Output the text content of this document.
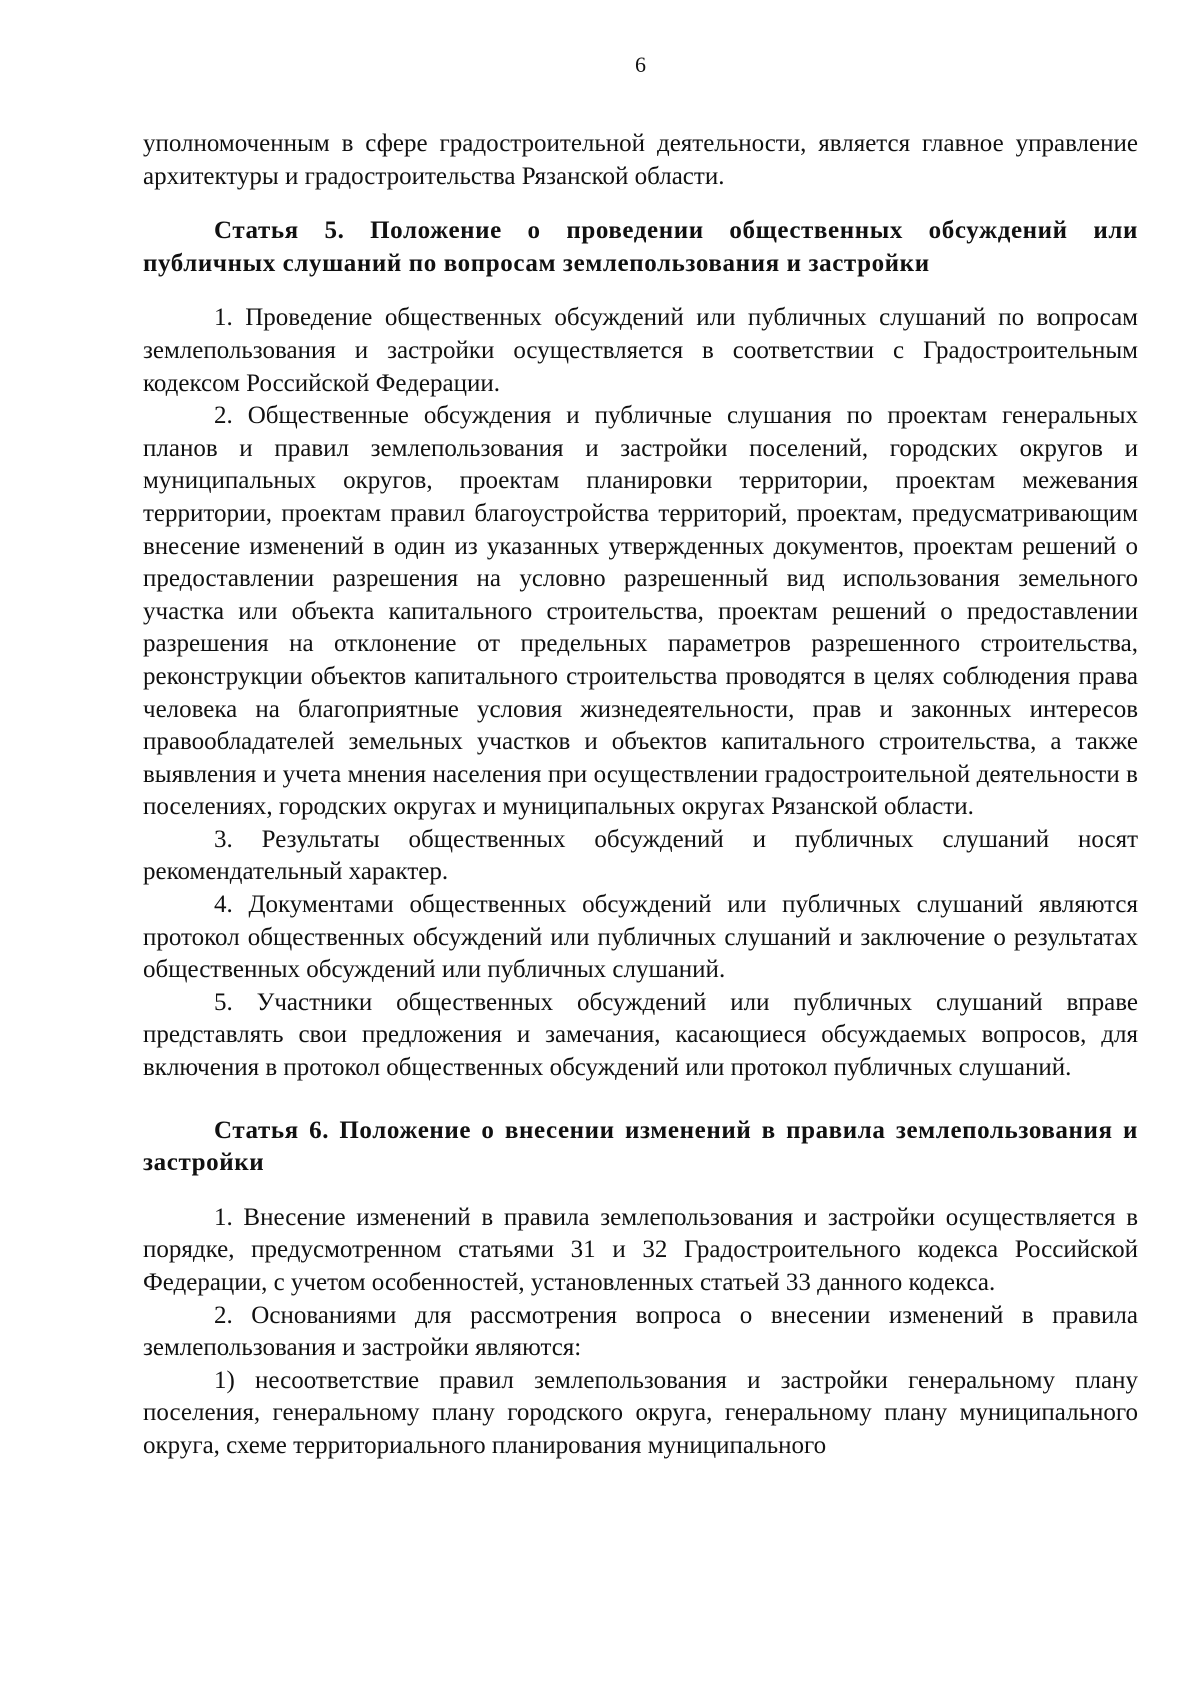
6

уполномоченным в сфере градостроительной деятельности, является главное управление архитектуры и градостроительства Рязанской области.

Статья 5. Положение о проведении общественных обсуждений или публичных слушаний по вопросам землепользования и застройки

1. Проведение общественных обсуждений или публичных слушаний по вопросам землепользования и застройки осуществляется в соответствии с Градостроительным кодексом Российской Федерации.

2. Общественные обсуждения и публичные слушания по проектам генеральных планов и правил землепользования и застройки поселений, городских округов и муниципальных округов, проектам планировки территории, проектам межевания территории, проектам правил благоустройства территорий, проектам, предусматривающим внесение изменений в один из указанных утвержденных документов, проектам решений о предоставлении разрешения на условно разрешенный вид использования земельного участка или объекта капитального строительства, проектам решений о предоставлении разрешения на отклонение от предельных параметров разрешенного строительства, реконструкции объектов капитального строительства проводятся в целях соблюдения права человека на благоприятные условия жизнедеятельности, прав и законных интересов правообладателей земельных участков и объектов капитального строительства, а также выявления и учета мнения населения при осуществлении градостроительной деятельности в поселениях, городских округах и муниципальных округах Рязанской области.

3. Результаты общественных обсуждений и публичных слушаний носят рекомендательный характер.

4. Документами общественных обсуждений или публичных слушаний являются протокол общественных обсуждений или публичных слушаний и заключение о результатах общественных обсуждений или публичных слушаний.

5. Участники общественных обсуждений или публичных слушаний вправе представлять свои предложения и замечания, касающиеся обсуждаемых вопросов, для включения в протокол общественных обсуждений или протокол публичных слушаний.

Статья 6. Положение о внесении изменений в правила землепользования и застройки

1. Внесение изменений в правила землепользования и застройки осуществляется в порядке, предусмотренном статьями 31 и 32 Градостроительного кодекса Российской Федерации, с учетом особенностей, установленных статьей 33 данного кодекса.

2. Основаниями для рассмотрения вопроса о внесении изменений в правила землепользования и застройки являются:

1) несоответствие правил землепользования и застройки генеральному плану поселения, генеральному плану городского округа, генеральному плану муниципального округа, схеме территориального планирования муниципального
